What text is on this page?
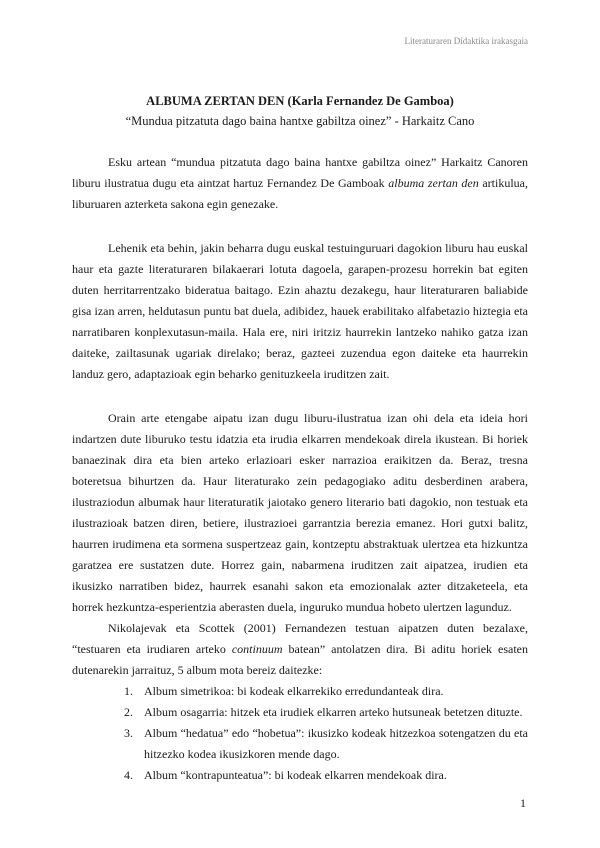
Literaturaren Didaktika irakasgaia

ALBUMA ZERTAN DEN (Karla Fernandez De Gamboa)

“Mundua pitzatuta dago baina hantxe gabiltza oinez” - Harkaitz Cano

Esku artean “mundua pitzatuta dago baina hantxe gabiltza oinez” Harkaitz Canoren liburu ilustratua dugu eta aintzat hartuz Fernandez De Gamboak albuma zertan den artikulua, liburuaren azterketa sakona egin genezake.

Lehenik eta behin, jakin beharra dugu euskal testuinguruari dagokion liburu hau euskal haur eta gazte literaturaren bilakaerari lotuta dagoela, garapen-prozesu horrekin bat egiten duten herritarrentzako bideratua baitago. Ezin ahaztu dezakegu, haur literaturaren baliabide gisa izan arren, heldutasun puntu bat duela, adibidez, hauek erabilitako alfabetazio hiztegia eta narratibaren konplexutasun-maila. Hala ere, niri iritziz haurrekin lantzeko nahiko gatza izan daiteke, zailtasunak ugariak direlako; beraz, gazteei zuzendua egon daiteke eta haurrekin landuz gero, adaptazioak egin beharko genituzkeela iruditzen zait.

Orain arte etengabe aipatu izan dugu liburu-ilustratua izan ohi dela eta ideia hori indartzen dute liburuko testu idatzia eta irudia elkarren mendekoak direla ikustean. Bi horiek banaezinak dira eta bien arteko erlazioari esker narrazioa eraikitzen da. Beraz, tresna boteretsua bihurtzen da. Haur literaturako zein pedagogiako aditu desberdinen arabera, ilustraziodun albumak haur literaturatik jaiotako genero literario bati dagokio, non testuak eta ilustrazioak batzen diren, betiere, ilustrazioei garrantzia berezia emanez. Hori gutxi balitz, haurren irudimena eta sormena suspertzeaz gain, kontzeptu abstraktuak ulertzea eta hizkuntza garatzea ere sustatzen dute. Horrez gain, nabarmena iruditzen zait aipatzea, irudien eta ikusizko narratiben bidez, haurrek esanahi sakon eta emozionalak azter ditzaketeela, eta horrek hezkuntza-esperientzia aberasten duela, inguruko mundua hobeto ulertzen lagunduz.

Nikolajevak eta Scottek (2001) Fernandezen testuan aipatzen duten bezalaxe, “testuaren eta irudiaren arteko continuum batean” antolatzen dira. Bi aditu horiek esaten dutenarekin jarraituz, 5 album mota bereiz daitezke:

1. Album simetrikoa: bi kodeak elkarrekiko erredundanteak dira.
2. Album osagarria: hitzek eta irudiek elkarren arteko hutsuneak betetzen dituzte.
3. Album “hedatua” edo “hobetua”: ikusizko kodeak hitzezkoa sotengatzen du eta hitzezko kodea ikusizkoren mende dago.
4. Album “kontrapunteatua”: bi kodeak elkarren mendekoak dira.
1
